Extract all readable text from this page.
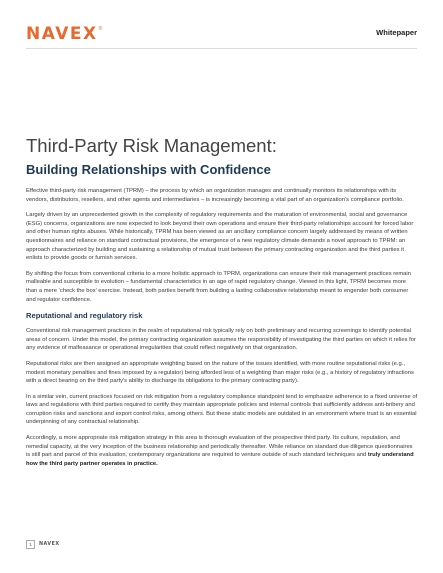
NAVEX ®	Whitepaper
Third-Party Risk Management:
Building Relationships with Confidence

Effective third-party risk management (TPRM) – the process by which an organization manages and continually monitors its relationships with its vendors, distributors, resellers, and other agents and intermediaries – is increasingly becoming a vital part of an organization’s compliance portfolio.

Largely driven by an unprecedented growth in the complexity of regulatory requirements and the maturation of environmental, social and governance (ESG) concerns, organizations are now expected to look beyond their own operations and ensure their third-party relationships account for forced labor and other human rights abuses. While historically, TPRM has been viewed as an ancillary compliance concern largely addressed by means of written questionnaires and reliance on standard contractual provisions, the emergence of a new regulatory climate demands a novel approach to TPRM: an approach characterized by building and sustaining a relationship of mutual trust between the primary contracting organization and the third parties it enlists to provide goods or furnish services.

By shifting the focus from conventional criteria to a more holistic approach to TPRM, organizations can ensure their risk management practices remain malleable and susceptible to evolution – fundamental characteristics in an age of rapid regulatory change. Viewed in this light, TPRM becomes more than a mere ‘check the box’ exercise. Instead, both parties benefit from building a lasting collaborative relationship meant to engender both consumer and regulator confidence.

Reputational and regulatory risk

Conventional risk management practices in the realm of reputational risk typically rely on both preliminary and recurring screenings to identify potential areas of concern. Under this model, the primary contracting organization assumes the responsibility of investigating the third parties on which it relies for any evidence of malfeasance or operational irregularities that could reflect negatively on that organization.

Reputational risks are then assigned an appropriate weighting based on the nature of the issues identified, with more routine reputational risks (e.g., modest monetary penalties and fines imposed by a regulator) being afforded less of a weighting than major risks (e.g., a history of regulatory infractions with a direct bearing on the third party’s ability to discharge its obligations to the primary contracting party).

In a similar vein, current practices focused on risk mitigation from a regulatory compliance standpoint tend to emphasize adherence to a fixed universe of laws and regulations with third parties required to certify they maintain appropriate policies and internal controls that sufficiently address anti-bribery and corruption risks and sanctions and export control risks, among others. But these static models are outdated in an environment where trust is an essential underpinning of any contractual relationship.

Accordingly, a more appropriate risk mitigation strategy in this area is thorough evaluation of the prospective third party. Its culture, reputation, and remedial capacity, at the very inception of the business relationship and periodically thereafter. While reliance on standard due diligence questionnaires is still part and parcel of this evaluation, contemporary organizations are required to venture outside of such standard techniques and truly understand how the third party partner operates in practice.

1	NAVEX
